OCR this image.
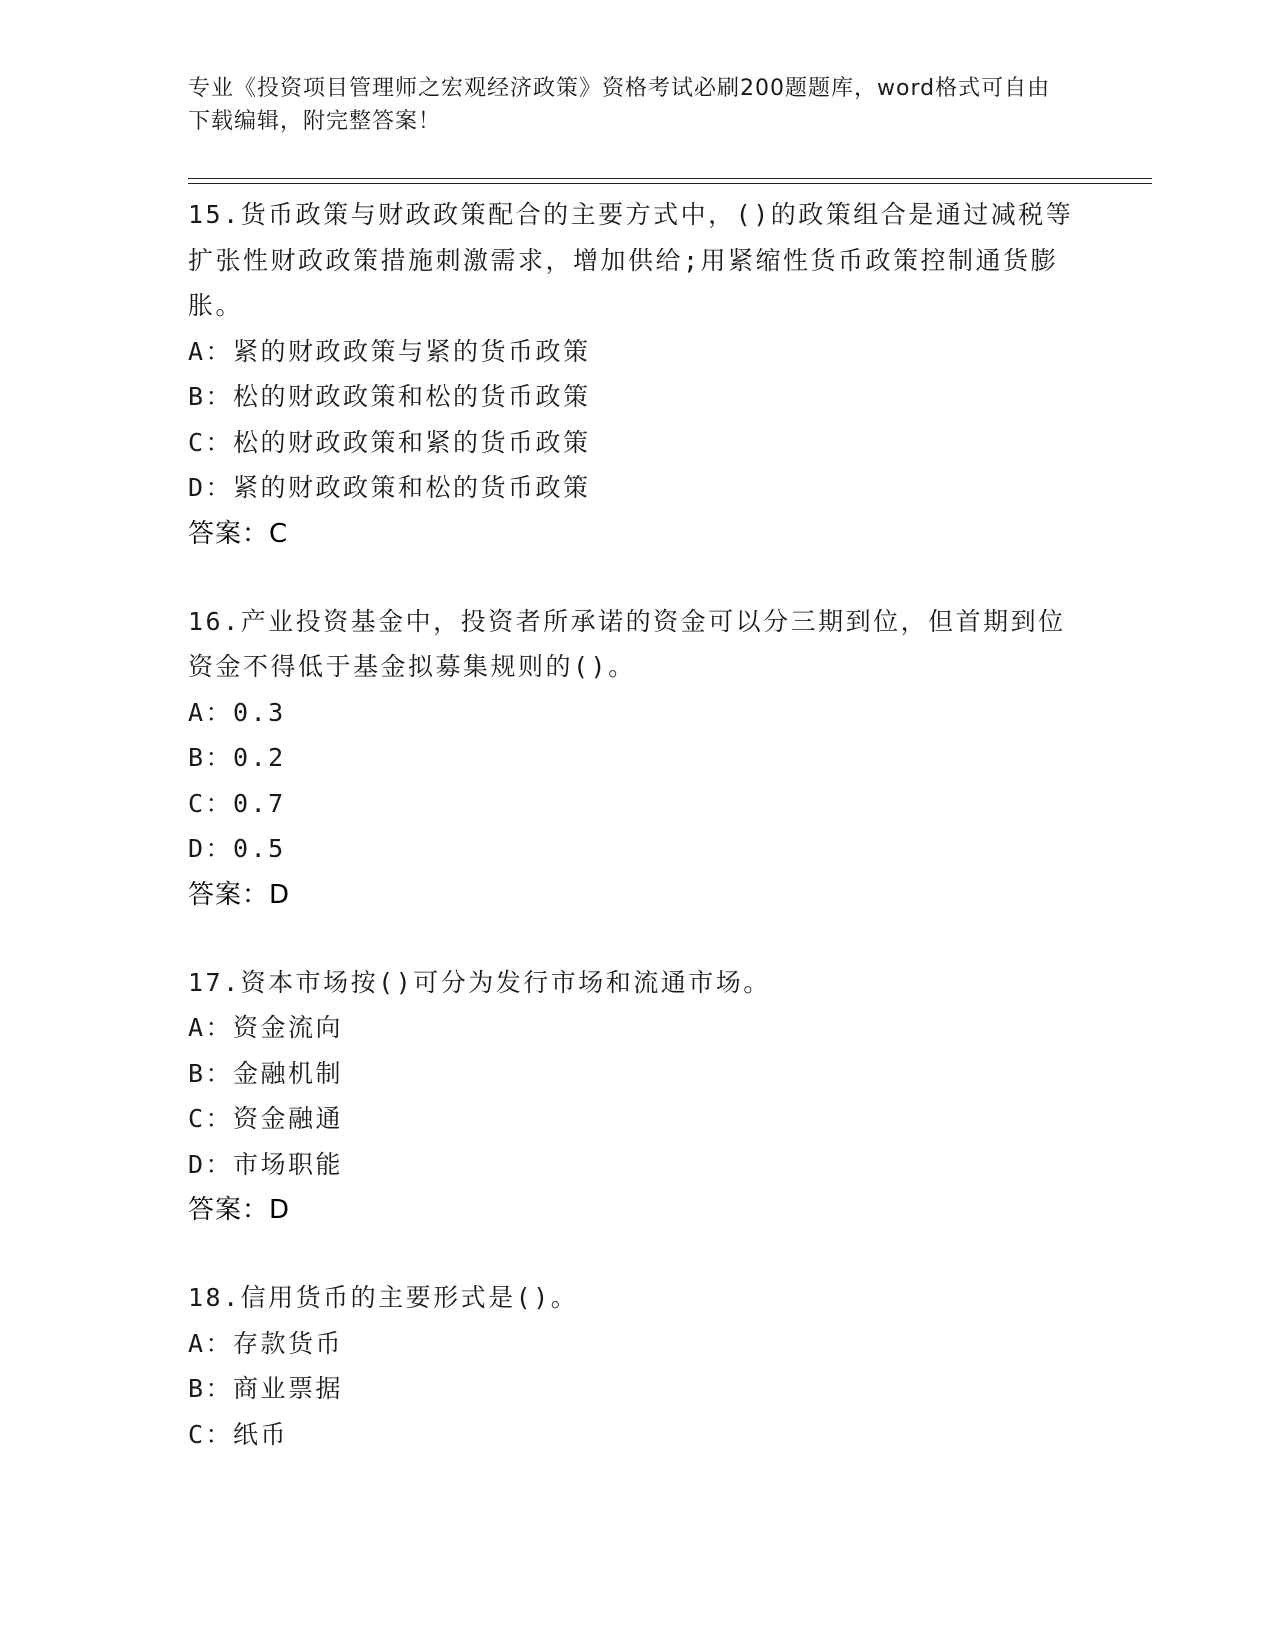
专业《投资项目管理师之宏观经济政策》资格考试必刷200题题库，word格式可自由下载编辑，附完整答案！
15.货币政策与财政政策配合的主要方式中，()的政策组合是通过减税等扩张性财政政策措施刺激需求，增加供给;用紧缩性货币政策控制通货膨胀。
A：紧的财政政策与紧的货币政策
B：松的财政政策和松的货币政策
C：松的财政政策和紧的货币政策
D：紧的财政政策和松的货币政策
答案：C
16.产业投资基金中，投资者所承诺的资金可以分三期到位，但首期到位资金不得低于基金拟募集规则的()。
A：0.3
B：0.2
C：0.7
D：0.5
答案：D
17.资本市场按()可分为发行市场和流通市场。
A：资金流向
B：金融机制
C：资金融通
D：市场职能
答案：D
18.信用货币的主要形式是()。
A：存款货币
B：商业票据
C：纸币
